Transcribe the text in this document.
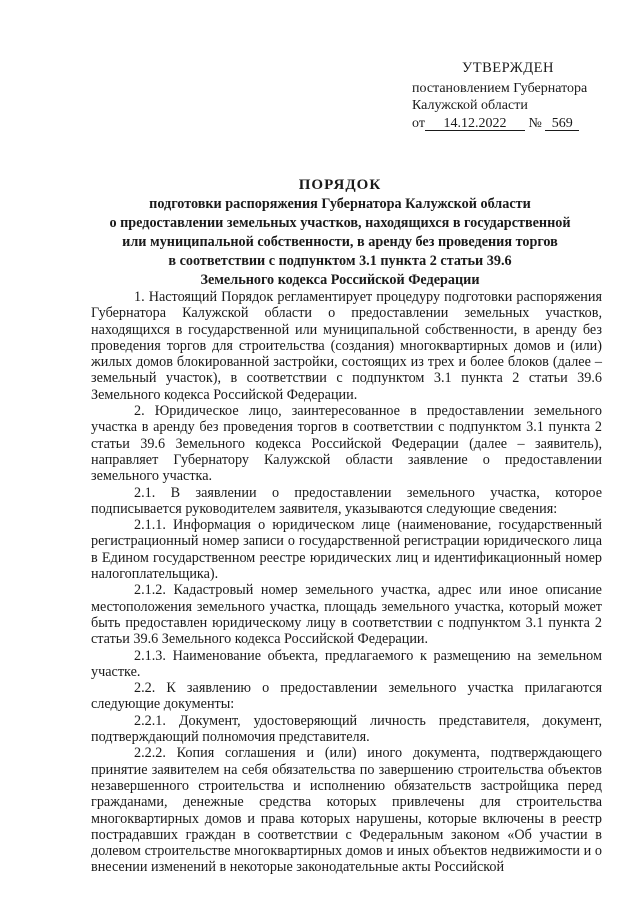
УТВЕРЖДЕН
постановлением Губернатора
Калужской области
от 14.12.2022 № 569
ПОРЯДОК
подготовки распоряжения Губернатора Калужской области
о предоставлении земельных участков, находящихся в государственной
или муниципальной собственности, в аренду без проведения торгов
в соответствии с подпунктом 3.1 пункта 2 статьи 39.6
Земельного кодекса Российской Федерации

1. Настоящий Порядок регламентирует процедуру подготовки распоряжения Губернатора Калужской области о предоставлении земельных участков, находящихся в государственной или муниципальной собственности, в аренду без проведения торгов для строительства (создания) многоквартирных домов и (или) жилых домов блокированной застройки, состоящих из трех и более блоков (далее – земельный участок), в соответствии с подпунктом 3.1 пункта 2 статьи 39.6 Земельного кодекса Российской Федерации.

2. Юридическое лицо, заинтересованное в предоставлении земельного участка в аренду без проведения торгов в соответствии с подпунктом 3.1 пункта 2 статьи 39.6 Земельного кодекса Российской Федерации (далее – заявитель), направляет Губернатору Калужской области заявление о предоставлении земельного участка.

2.1. В заявлении о предоставлении земельного участка, которое подписывается руководителем заявителя, указываются следующие сведения:

2.1.1. Информация о юридическом лице (наименование, государственный регистрационный номер записи о государственной регистрации юридического лица в Едином государственном реестре юридических лиц и идентификационный номер налогоплательщика).

2.1.2. Кадастровый номер земельного участка, адрес или иное описание местоположения земельного участка, площадь земельного участка, который может быть предоставлен юридическому лицу в соответствии с подпунктом 3.1 пункта 2 статьи 39.6 Земельного кодекса Российской Федерации.

2.1.3. Наименование объекта, предлагаемого к размещению на земельном участке.

2.2. К заявлению о предоставлении земельного участка прилагаются следующие документы:

2.2.1. Документ, удостоверяющий личность представителя, документ, подтверждающий полномочия представителя.

2.2.2. Копия соглашения и (или) иного документа, подтверждающего принятие заявителем на себя обязательства по завершению строительства объектов незавершенного строительства и исполнению обязательств застройщика перед гражданами, денежные средства которых привлечены для строительства многоквартирных домов и права которых нарушены, которые включены в реестр пострадавших граждан в соответствии с Федеральным законом «Об участии в долевом строительстве многоквартирных домов и иных объектов недвижимости и о внесении изменений в некоторые законодательные акты Российской
